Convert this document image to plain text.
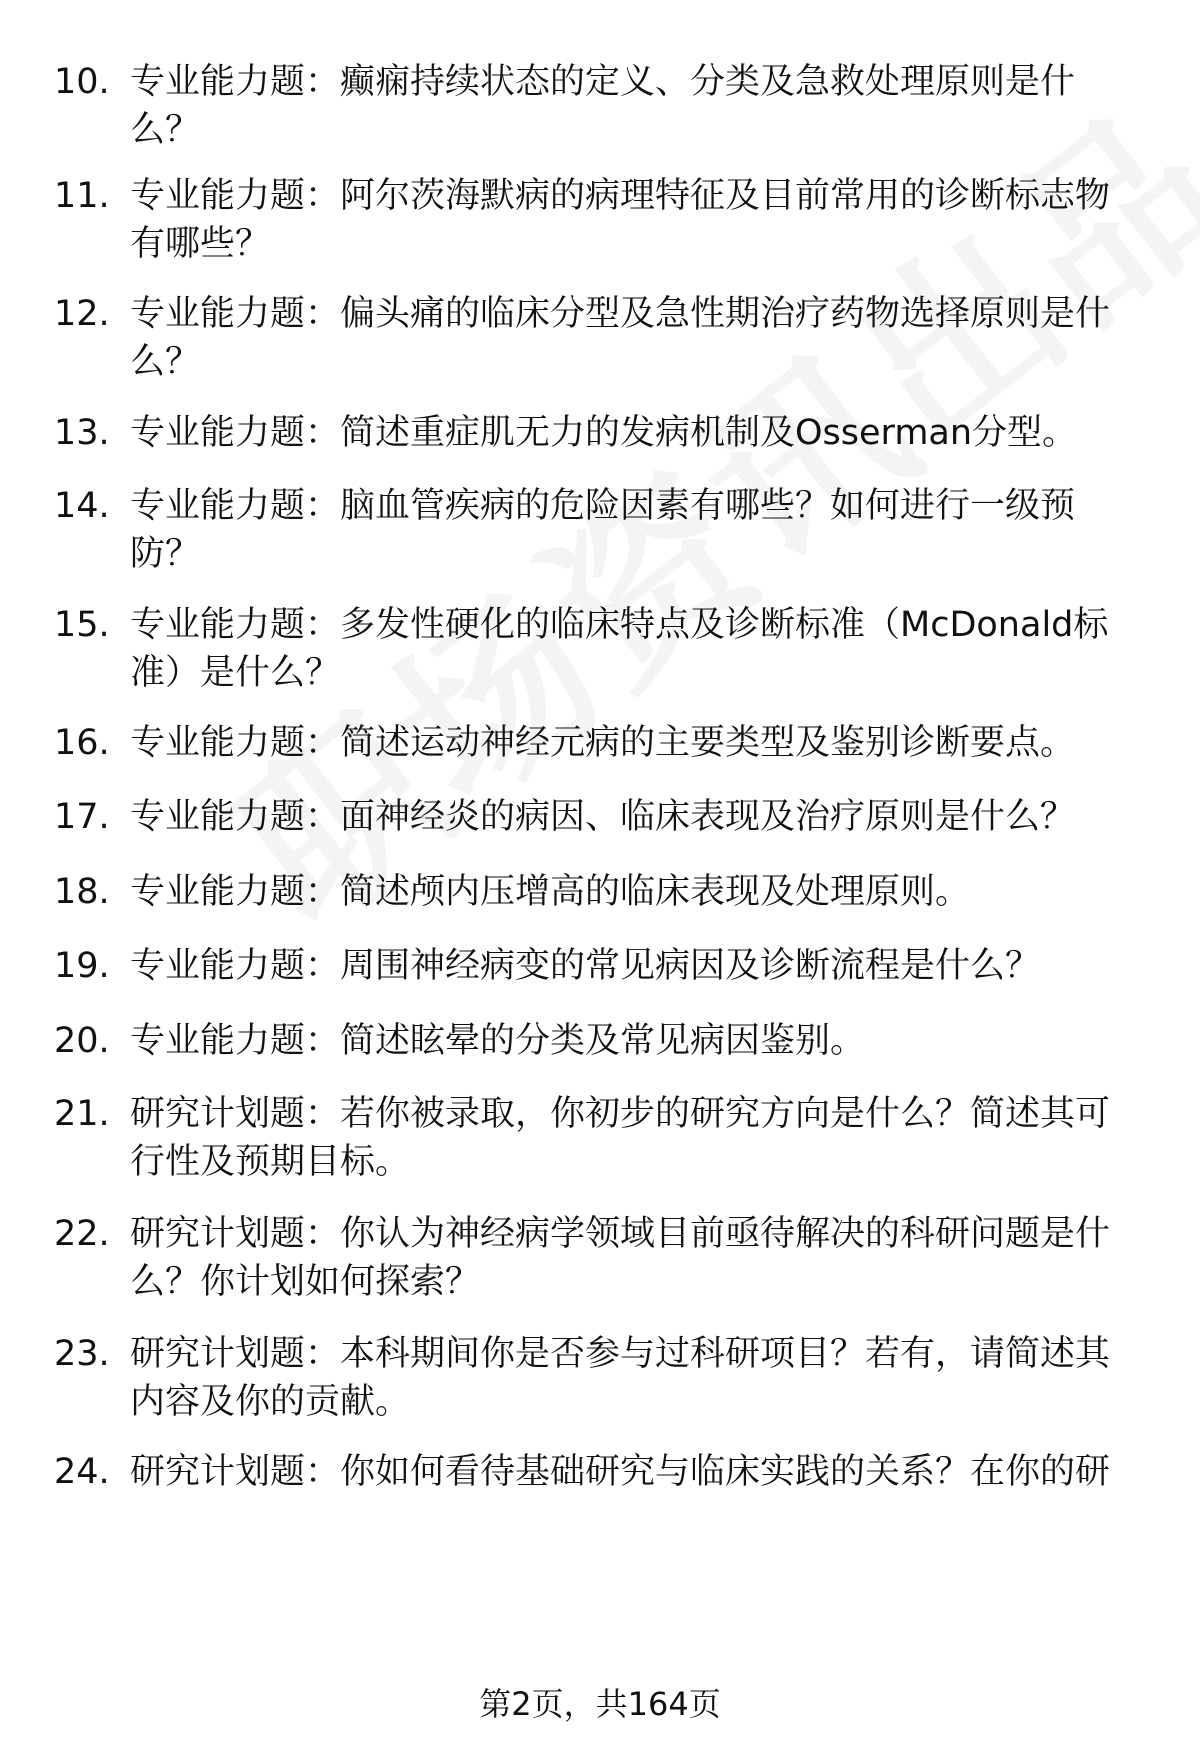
10. 专业能力题：癫痫持续状态的定义、分类及急救处理原则是什么？
11. 专业能力题：阿尔茨海默病的病理特征及目前常用的诊断标志物有哪些？
12. 专业能力题：偏头痛的临床分型及急性期治疗药物选择原则是什么？
13. 专业能力题：简述重症肌无力的发病机制及Osserman分型。
14. 专业能力题：脑血管疾病的危险因素有哪些？如何进行一级预防？
15. 专业能力题：多发性硬化的临床特点及诊断标准（McDonald标准）是什么？
16. 专业能力题：简述运动神经元病的主要类型及鉴别诊断要点。
17. 专业能力题：面神经炎的病因、临床表现及治疗原则是什么？
18. 专业能力题：简述颅内压增高的临床表现及处理原则。
19. 专业能力题：周围神经病变的常见病因及诊断流程是什么？
20. 专业能力题：简述眩晕的分类及常见病因鉴别。
21. 研究计划题：若你被录取，你初步的研究方向是什么？简述其可行性及预期目标。
22. 研究计划题：你认为神经病学领域目前亟待解决的科研问题是什么？你计划如何探索？
23. 研究计划题：本科期间你是否参与过科研项目？若有，请简述其内容及你的贡献。
24. 研究计划题：你如何看待基础研究与临床实践的关系？在你的研
第2页，共164页
